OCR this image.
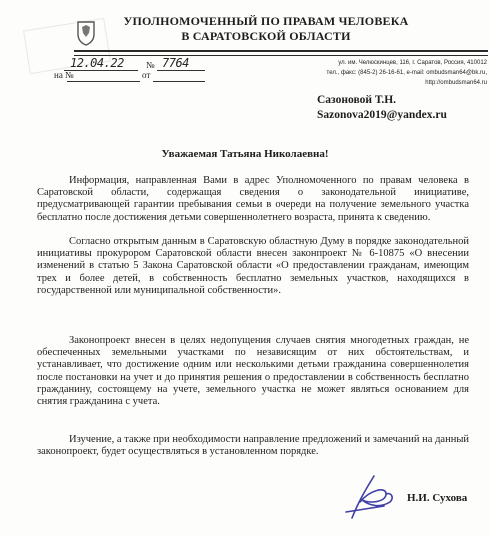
УПОЛНОМОЧЕННЫЙ ПО ПРАВАМ ЧЕЛОВЕКА
В САРАТОВСКОЙ ОБЛАСТИ
ул. им. Челюскинцев, 116, г. Саратов, Россия, 410012
тел., факс: (845-2) 26-16-61, e-mail: ombudsman64@bk.ru,
http://ombudsman64.ru
12.04.22 № 7764
на №	от
Сазоновой Т.Н.
Sazonova2019@yandex.ru
Уважаемая Татьяна Николаевна!

Информация, направленная Вами в адрес Уполномоченного по правам человека в Саратовской области, содержащая сведения о законодательной инициативе, предусматривающей гарантии пребывания семьи в очереди на получение земельного участка бесплатно после достижения детьми совершеннолетнего возраста, принята к сведению.

Согласно открытым данным в Саратовскую областную Думу в порядке законодательной инициативы прокурором Саратовской области внесен законпроект № 6-10875 «О внесении изменений в статью 5 Закона Саратовской области «О предоставлении гражданам, имеющим трех и более детей, в собственность бесплатно земельных участков, находящихся в государственной или муниципальной собственности».

Законопроект внесен в целях недопущения случаев снятия многодетных граждан, не обеспеченных земельными участками по независящим от них обстоятельствам, и устанавливает, что достижение одним или несколькими детьми гражданина совершеннолетия после постановки на учет и до принятия решения о предоставлении в собственность бесплатно гражданину, состоящему на учете, земельного участка не может являться основанием для снятия гражданина с учета.

Изучение, а также при необходимости направление предложений и замечаний на данный законопроект, будет осуществляться в установленном порядке.

Н.И. Сухова
